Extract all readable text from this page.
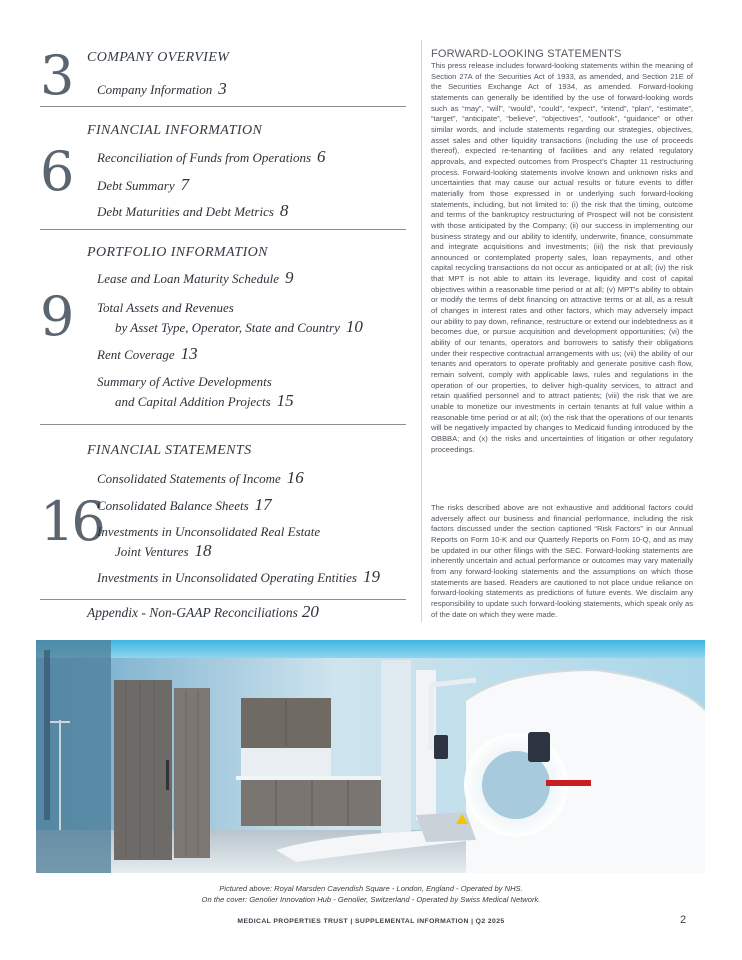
3 COMPANY OVERVIEW
Company Information 3
6
FINANCIAL INFORMATION
Reconciliation of Funds from Operations 6
Debt Summary 7
Debt Maturities and Debt Metrics 8
9
PORTFOLIO INFORMATION
Lease and Loan Maturity Schedule 9
Total Assets and Revenues
by Asset Type, Operator, State and Country 10
Rent Coverage 13
Summary of Active Developments
and Capital Addition Projects 15
16
FINANCIAL STATEMENTS
Consolidated Statements of Income 16
Consolidated Balance Sheets 17
Investments in Unconsolidated Real Estate
Joint Ventures 18
Investments in Unconsolidated Operating Entities 19
Appendix - Non-GAAP Reconciliations 20
FORWARD-LOOKING STATEMENTS

This press release includes forward-looking statements within the meaning of Section 27A of the Securities Act of 1933, as amended, and Section 21E of the Securities Exchange Act of 1934, as amended. Forward-looking statements can generally be identified by the use of forward-looking words such as “may”, “will”, “would”, “could”, “expect”, “intend”, “plan”, “estimate”, “target”, “anticipate”, “believe”, “objectives”, “outlook”, “guidance” or other similar words, and include statements regarding our strategies, objectives, asset sales and other liquidity transactions (including the use of proceeds thereof), expected re-tenanting of facilities and any related regulatory approvals, and expected outcomes from Prospect’s Chapter 11 restructuring process. Forward-looking statements involve known and unknown risks and uncertainties that may cause our actual results or future events to differ materially from those expressed in or underlying such forward-looking statements, including, but not limited to: (i) the risk that the timing, outcome and terms of the bankruptcy restructuring of Prospect will not be consistent with those anticipated by the Company; (ii) our success in implementing our business strategy and our ability to identify, underwrite, finance, consummate and integrate acquisitions and investments; (iii) the risk that previously announced or contemplated property sales, loan repayments, and other capital recycling transactions do not occur as anticipated or at all; (iv) the risk that MPT is not able to attain its leverage, liquidity and cost of capital objectives within a reasonable time period or at all; (v) MPT’s ability to obtain or modify the terms of debt financing on attractive terms or at all, as a result of changes in interest rates and other factors, which may adversely impact our ability to pay down, refinance, restructure or extend our indebtedness as it becomes due, or pursue acquisition and development opportunities; (vi) the ability of our tenants, operators and borrowers to satisfy their obligations under their respective contractual arrangements with us; (vii) the ability of our tenants and operators to operate profitably and generate positive cash flow, remain solvent, comply with applicable laws, rules and regulations in the operation of our properties, to deliver high-quality services, to attract and retain qualified personnel and to attract patients; (viii) the risk that we are unable to monetize our investments in certain tenants at full value within a reasonable time period or at all; (ix) the risk that the operations of our tenants will be negatively impacted by changes to Medicaid funding introduced by the OBBBA; and (x) the risks and uncertainties of litigation or other regulatory proceedings.

The risks described above are not exhaustive and additional factors could adversely affect our business and financial performance, including the risk factors discussed under the section captioned “Risk Factors” in our Annual Reports on Form 10-K and our Quarterly Reports on Form 10-Q, and as may be updated in our other filings with the SEC. Forward-looking statements are inherently uncertain and actual performance or outcomes may vary materially from any forward-looking statements and the assumptions on which those statements are based. Readers are cautioned to not place undue reliance on forward-looking statements as predictions of future events. We disclaim any responsibility to update such forward-looking statements, which speak only as of the date on which they were made.

Pictured above: Royal Marsden Cavendish Square - London, England - Operated by NHS.
On the cover: Genolier Innovation Hub - Genolier, Switzerland - Operated by Swiss Medical Network.
MEDICAL PROPERTIES TRUST | SUPPLEMENTAL INFORMATION | Q2 2025	2
